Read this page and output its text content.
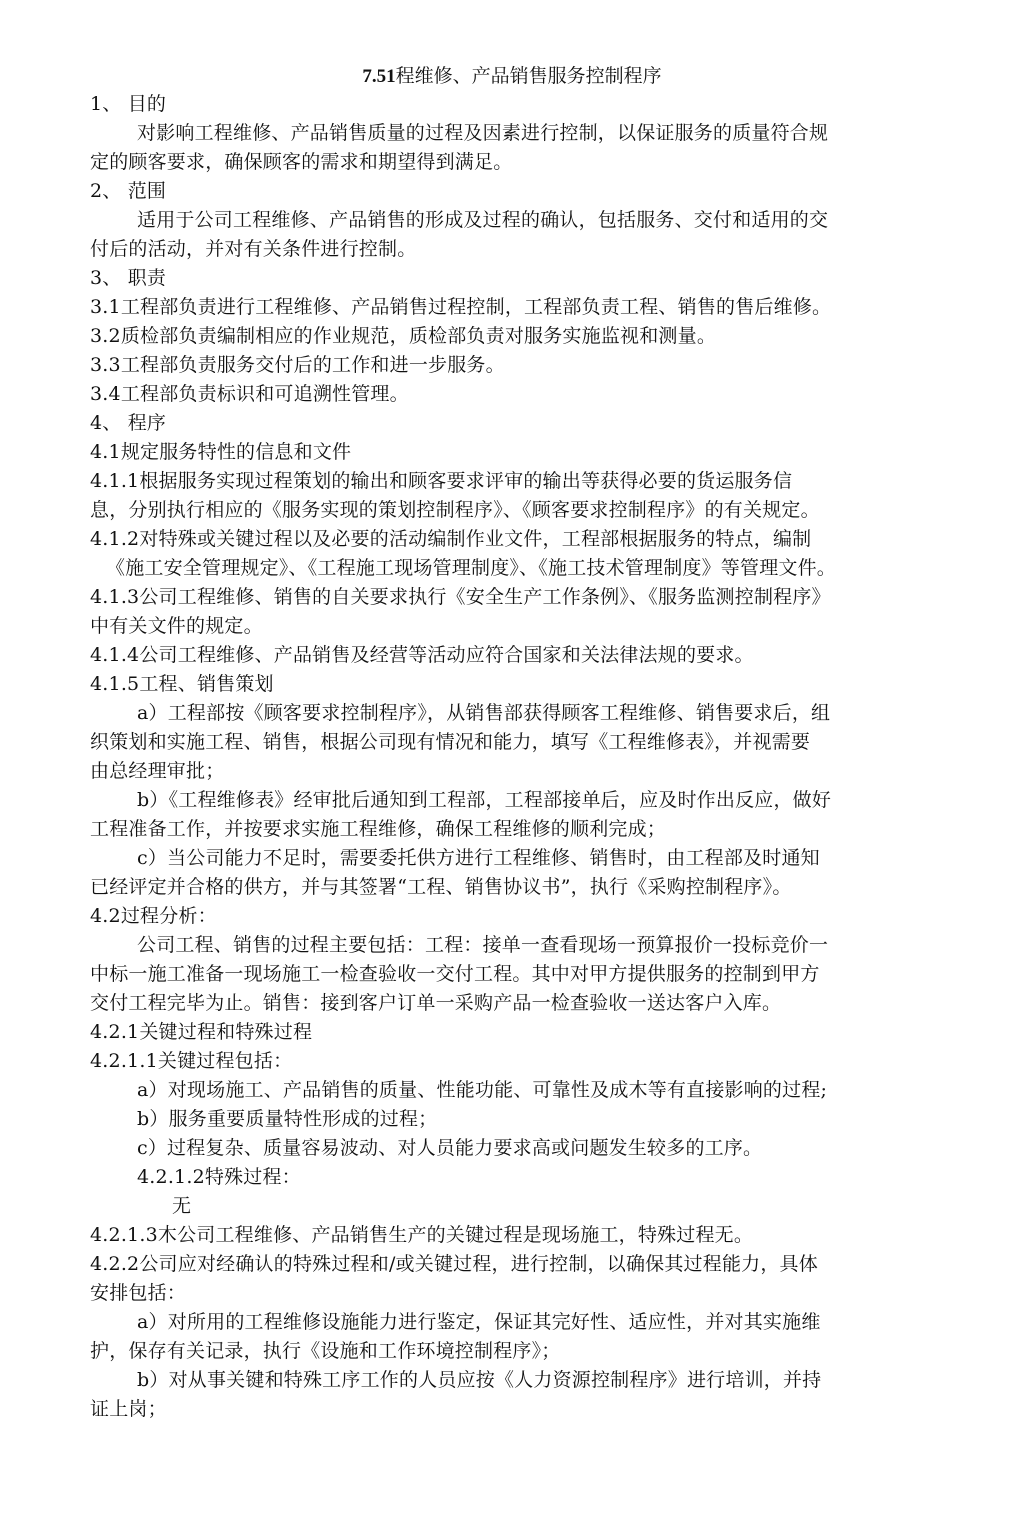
7.51程维修、产品销售服务控制程序
1、 目的
对影响工程维修、产品销售质量的过程及因素进行控制，以保证服务的质量符合规
定的顾客要求，确保顾客的需求和期望得到满足。
2、 范围
适用于公司工程维修、产品销售的形成及过程的确认，包括服务、交付和适用的交
付后的活动，并对有关条件进行控制。
3、 职责
3.1工程部负责进行工程维修、产品销售过程控制，工程部负责工程、销售的售后维修。
3.2质检部负责编制相应的作业规范，质检部负责对服务实施监视和测量。
3.3工程部负责服务交付后的工作和进一步服务。
3.4工程部负责标识和可追溯性管理。
4、 程序
4.1规定服务特性的信息和文件
4.1.1根据服务实现过程策划的输出和顾客要求评审的输出等获得必要的货运服务信
息，分别执行相应的《服务实现的策划控制程序》、《顾客要求控制程序》的有关规定。
4.1.2对特殊或关键过程以及必要的活动编制作业文件，工程部根据服务的特点，编制
《施工安全管理规定》、《工程施工现场管理制度》、《施工技术管理制度》等管理文件。
4.1.3公司工程维修、销售的自关要求执行《安全生产工作条例》、《服务监测控制程序》
中有关文件的规定。
4.1.4公司工程维修、产品销售及经营等活动应符合国家和关法律法规的要求。
4.1.5工程、销售策划
a）工程部按《顾客要求控制程序》，从销售部获得顾客工程维修、销售要求后，组
织策划和实施工程、销售，根据公司现有情况和能力，填写《工程维修表》，并视需要
由总经理审批；
b）《工程维修表》经审批后通知到工程部，工程部接单后，应及时作出反应，做好
工程准备工作，并按要求实施工程维修，确保工程维修的顺利完成；
c）当公司能力不足时，需要委托供方进行工程维修、销售时，由工程部及时通知
已经评定并合格的供方，并与其签署“工程、销售协议书”，执行《采购控制程序》。
4.2过程分析：
公司工程、销售的过程主要包括：工程：接单一查看现场一预算报价一投标竞价一
中标一施工准备一现场施工一检查验收一交付工程。其中对甲方提供服务的控制到甲方
交付工程完毕为止。销售：接到客户订单一采购产品一检查验收一送达客户入库。
4.2.1关键过程和特殊过程
4.2.1.1关键过程包括：
a）对现场施工、产品销售的质量、性能功能、可靠性及成木等有直接影响的过程;
b）服务重要质量特性形成的过程；
c）过程复杂、质量容易波动、对人员能力要求高或问题发生较多的工序。
4.2.1.2特殊过程：
无
4.2.1.3木公司工程维修、产品销售生产的关键过程是现场施工，特殊过程无。
4.2.2公司应对经确认的特殊过程和/或关键过程，进行控制，以确保其过程能力，具体
安排包括：
a）对所用的工程维修设施能力进行鉴定，保证其完好性、适应性，并对其实施维
护，保存有关记录，执行《设施和工作环境控制程序》；
b）对从事关键和特殊工序工作的人员应按《人力资源控制程序》进行培训，并持
证上岗；
